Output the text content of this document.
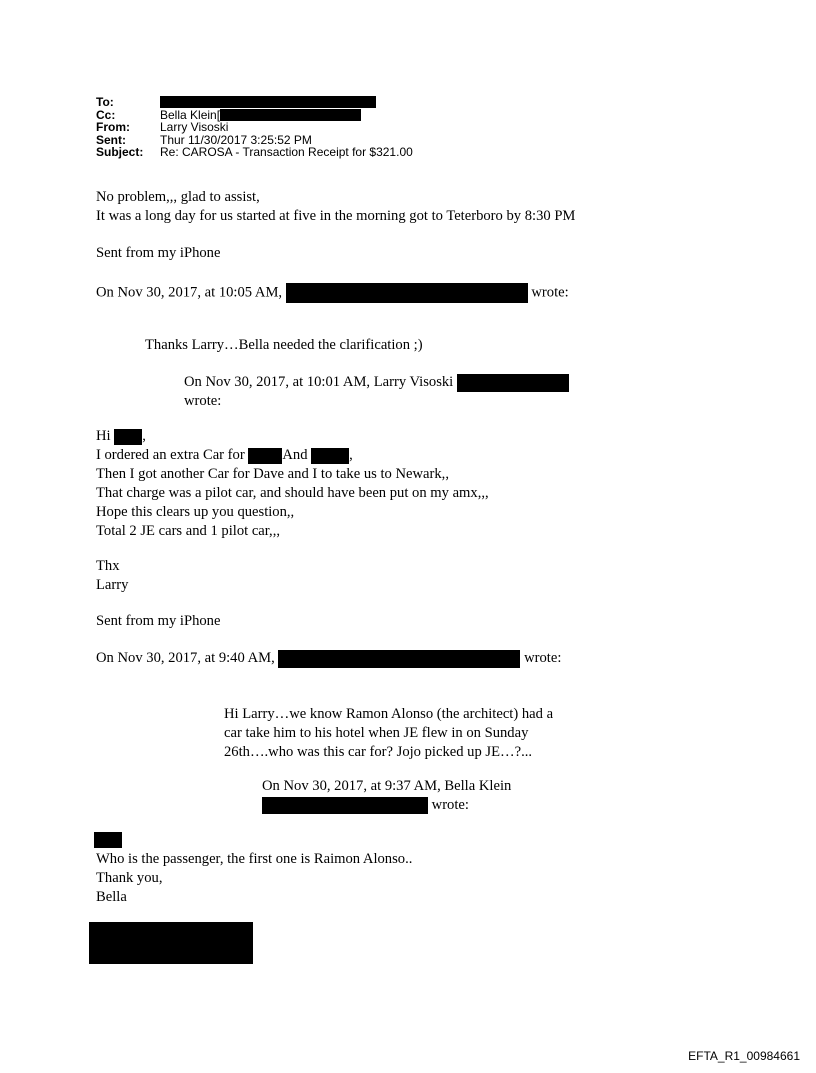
To:
Cc:	Bella Klein[
From:	Larry Visoski
Sent:	Thur 11/30/2017 3:25:52 PM
Subject:	Re: CAROSA - Transaction Receipt for $321.00
No problem,,, glad to assist,
It was a long day for us started at five in the morning got to Teterboro by 8:30 PM
Sent from my iPhone
On Nov 30, 2017, at 10:05 AM,	wrote:
Thanks Larry…Bella needed the clarification ;)
On Nov 30, 2017, at 10:01 AM, Larry Visoski
wrote:
Hi ,
I ordered an extra Car for	And	,
Then I got another Car for Dave and I to take us to Newark,,
That charge was a pilot car, and should have been put on my amx,,,
Hope this clears up you question,,
Total 2 JE cars and 1 pilot car,,,
Thx
Larry
Sent from my iPhone
On Nov 30, 2017, at 9:40 AM,	wrote:
Hi Larry…we know Ramon Alonso (the architect) had a
car take him to his hotel when JE flew in on Sunday
26th….who was this car for? Jojo picked up JE…?...
On Nov 30, 2017, at 9:37 AM, Bella Klein
wrote:
Who is the passenger, the first one is Raimon Alonso..
Thank you,
Bella
EFTA_R1_00984661
